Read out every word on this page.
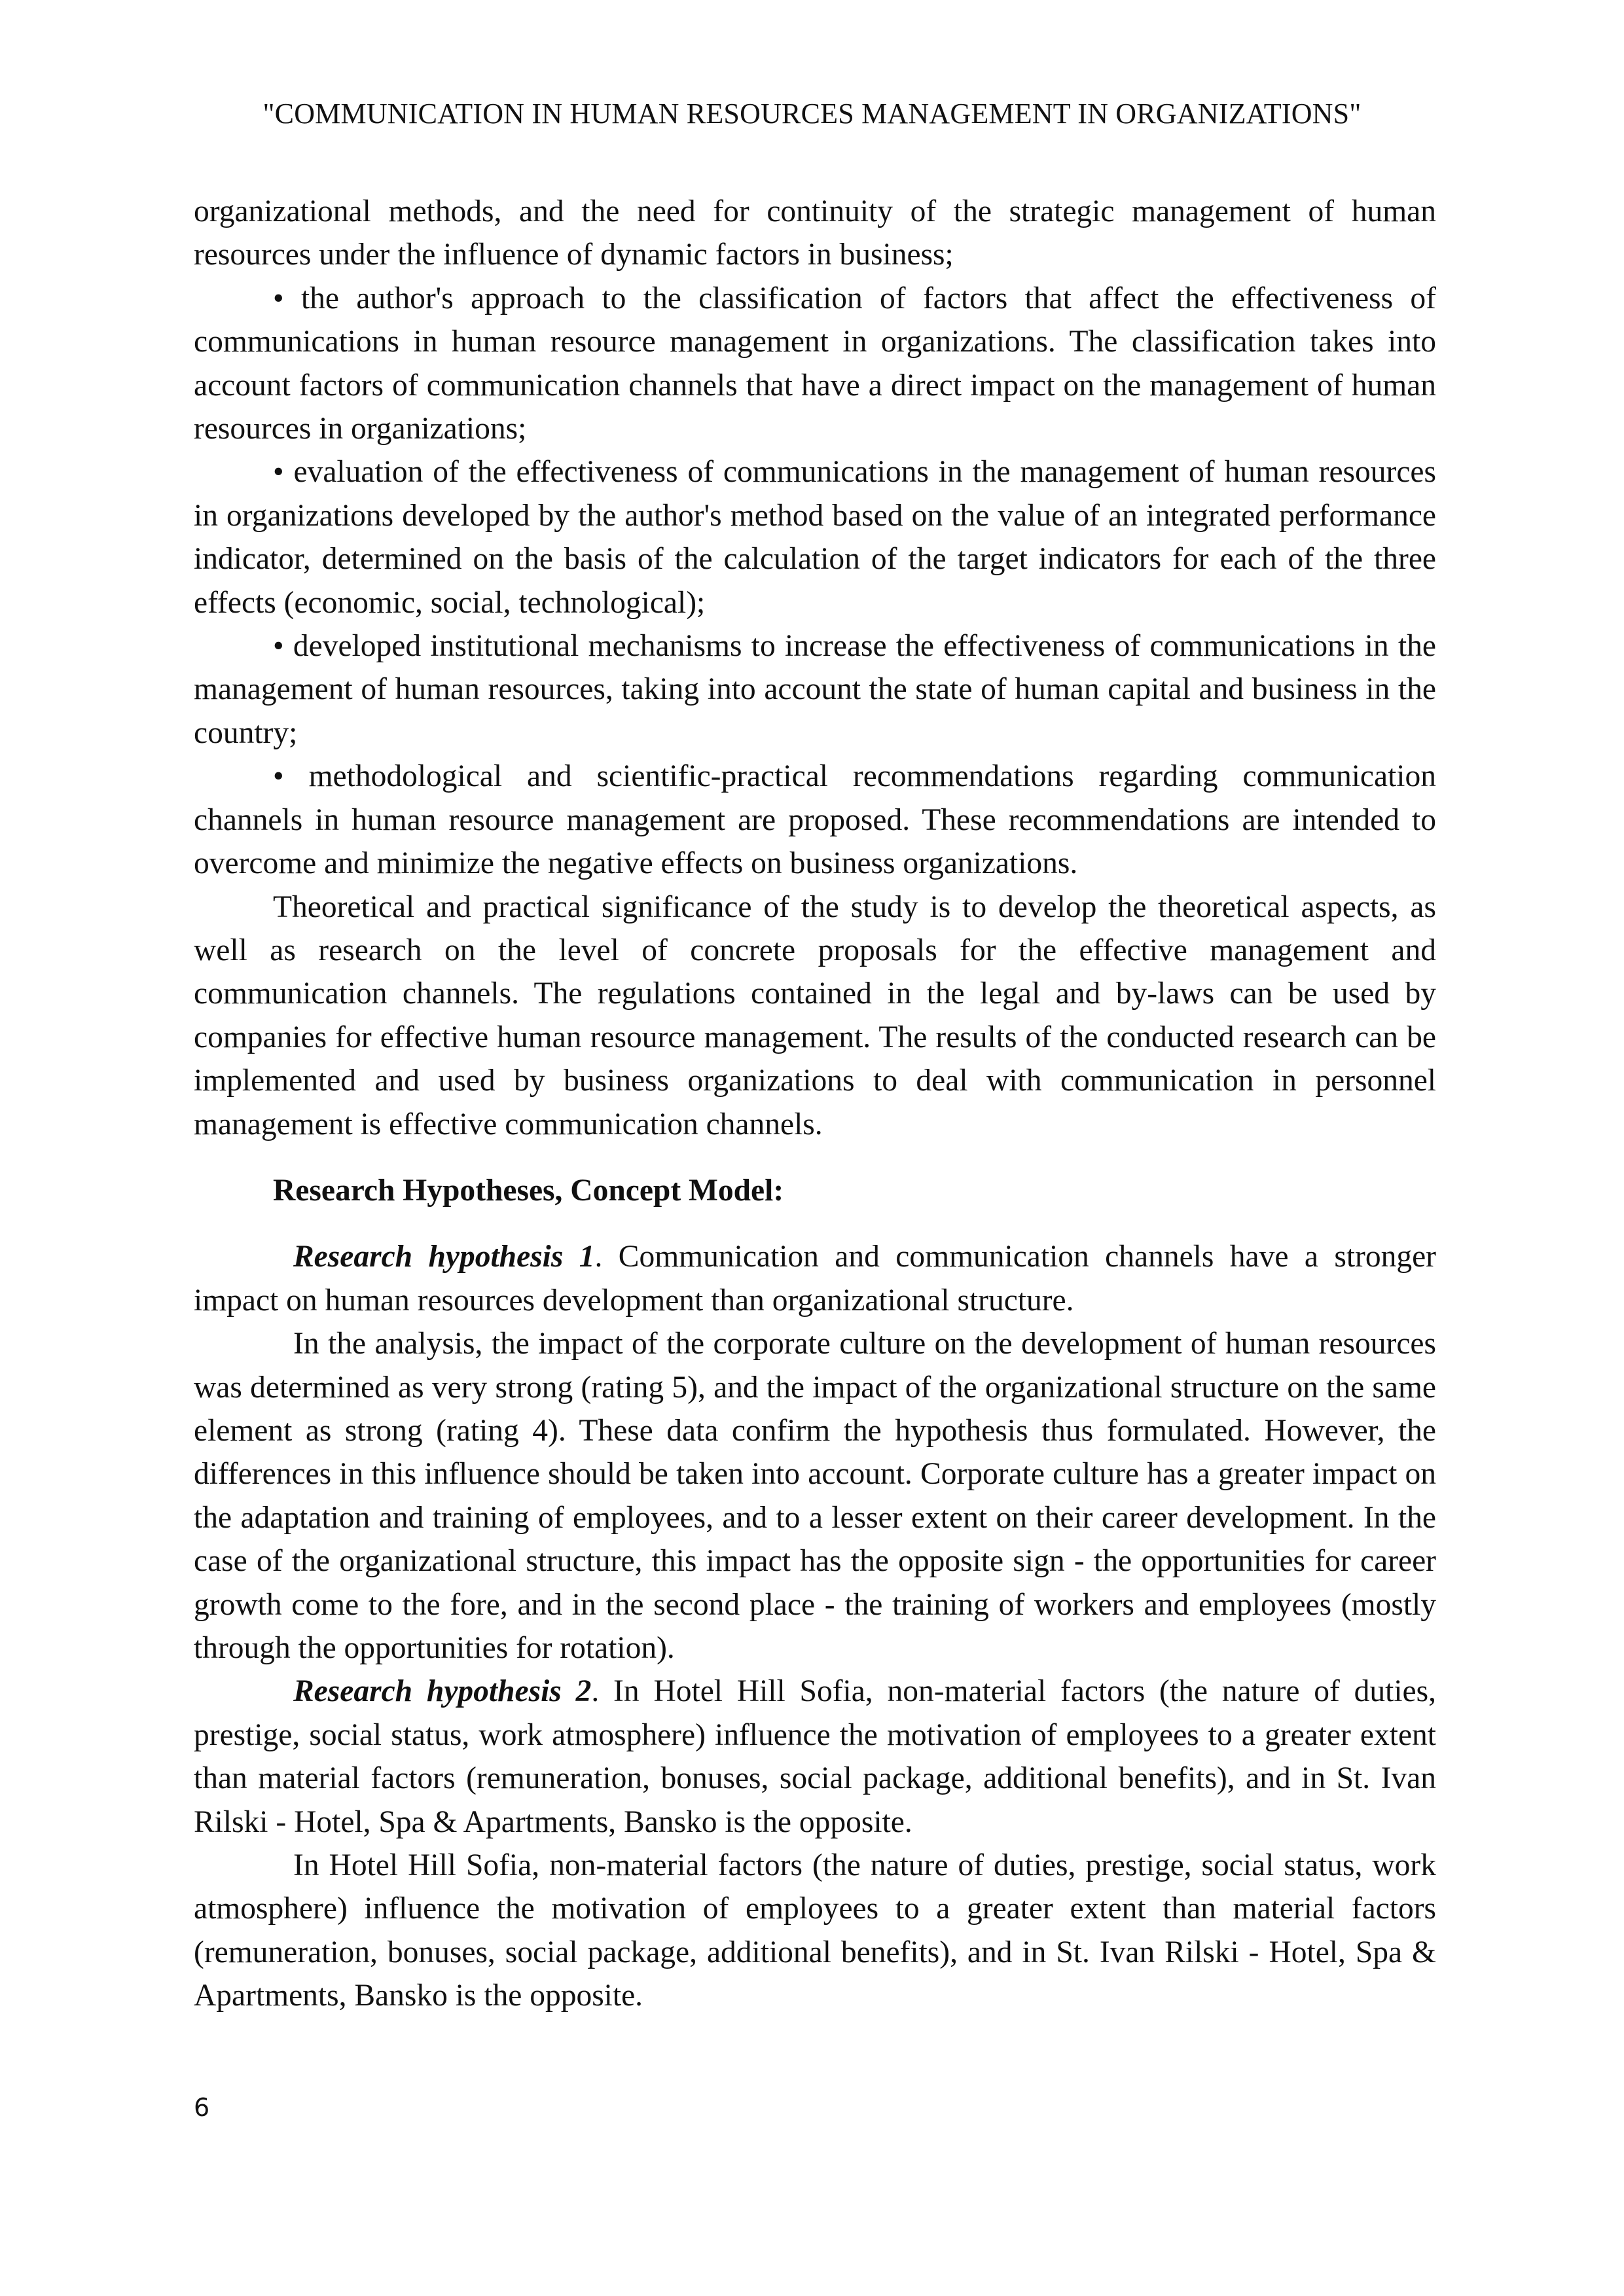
"COMMUNICATION IN HUMAN RESOURCES MANAGEMENT IN ORGANIZATIONS"

organizational methods, and the need for continuity of the strategic management of human resources under the influence of dynamic factors in business;

• the author's approach to the classification of factors that affect the effectiveness of communications in human resource management in organizations. The classification takes into account factors of communication channels that have a direct impact on the management of human resources in organizations;

• evaluation of the effectiveness of communications in the management of human resources in organizations developed by the author's method based on the value of an integrated performance indicator, determined on the basis of the calculation of the target indicators for each of the three effects (economic, social, technological);

• developed institutional mechanisms to increase the effectiveness of communications in the management of human resources, taking into account the state of human capital and business in the country;

• methodological and scientific-practical recommendations regarding communication channels in human resource management are proposed. These recommendations are intended to overcome and minimize the negative effects on business organizations.

Theoretical and practical significance of the study is to develop the theoretical aspects, as well as research on the level of concrete proposals for the effective management and communication channels. The regulations contained in the legal and by-laws can be used by companies for effective human resource management. The results of the conducted research can be implemented and used by business organizations to deal with communication in personnel management is effective communication channels.

Research Hypotheses, Concept Model:

Research hypothesis 1. Communication and communication channels have a stronger impact on human resources development than organizational structure.

In the analysis, the impact of the corporate culture on the development of human resources was determined as very strong (rating 5), and the impact of the organizational structure on the same element as strong (rating 4). These data confirm the hypothesis thus formulated. However, the differences in this influence should be taken into account. Corporate culture has a greater impact on the adaptation and training of employees, and to a lesser extent on their career development. In the case of the organizational structure, this impact has the opposite sign - the opportunities for career growth come to the fore, and in the second place - the training of workers and employees (mostly through the opportunities for rotation).

Research hypothesis 2. In Hotel Hill Sofia, non-material factors (the nature of duties, prestige, social status, work atmosphere) influence the motivation of employees to a greater extent than material factors (remuneration, bonuses, social package, additional benefits), and in St. Ivan Rilski - Hotel, Spa & Apartments, Bansko is the opposite.

In Hotel Hill Sofia, non-material factors (the nature of duties, prestige, social status, work atmosphere) influence the motivation of employees to a greater extent than material factors (remuneration, bonuses, social package, additional benefits), and in St. Ivan Rilski - Hotel, Spa & Apartments, Bansko is the opposite.

6
